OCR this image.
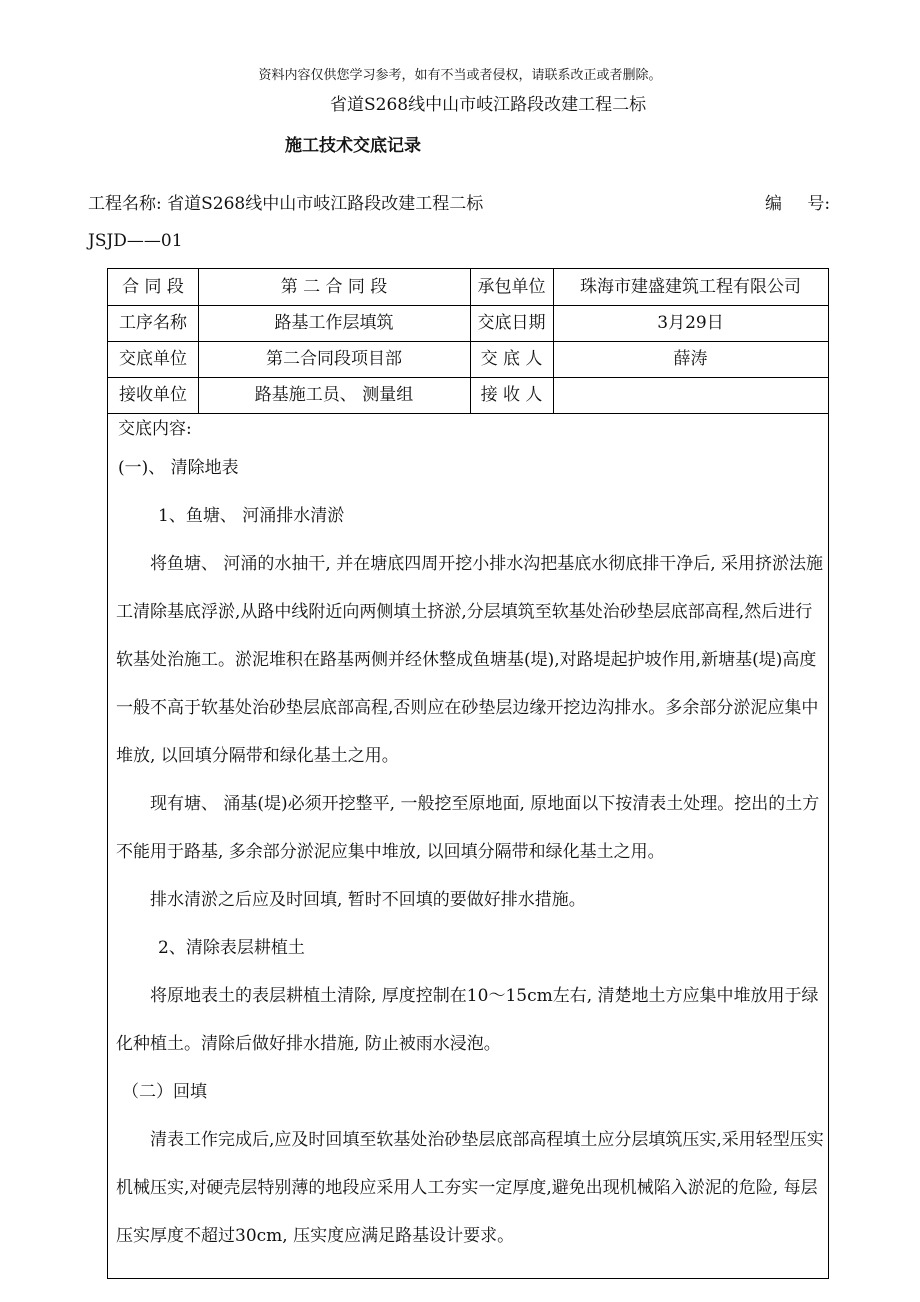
资料内容仅供您学习参考，如有不当或者侵权，请联系改正或者删除。
省道S268线中山市岐江路段改建工程二标
施工技术交底记录
工程名称: 省道S268线中山市岐江路段改建工程二标	编 号:
JSJD——01
合 同 段	第 二 合 同 段	承包单位	珠海市建盛建筑工程有限公司
工序名称	路基工作层填筑	交底日期	3月29日
交底单位	第二合同段项目部	交 底 人	薛涛
接收单位	路基施工员、 测量组	接 收 人

交底内容:

(一)、 清除地表

1、鱼塘、 河涌排水清淤

将鱼塘、 河涌的水抽干, 并在塘底四周开挖小排水沟把基底水彻底排干净后, 采用挤淤法施工清除基底浮淤,从路中线附近向两侧填土挤淤,分层填筑至软基处治砂垫层底部高程,然后进行软基处治施工。淤泥堆积在路基两侧并经休整成鱼塘基(堤),对路堤起护坡作用,新塘基(堤)高度一般不高于软基处治砂垫层底部高程,否则应在砂垫层边缘开挖边沟排水。多余部分淤泥应集中堆放, 以回填分隔带和绿化基土之用。

现有塘、 涌基(堤)必须开挖整平, 一般挖至原地面, 原地面以下按清表土处理。挖出的土方不能用于路基, 多余部分淤泥应集中堆放, 以回填分隔带和绿化基土之用。

排水清淤之后应及时回填, 暂时不回填的要做好排水措施。

2、清除表层耕植土

将原地表土的表层耕植土清除, 厚度控制在10～15cm左右, 清楚地土方应集中堆放用于绿化种植土。清除后做好排水措施, 防止被雨水浸泡。

（二）回填

清表工作完成后,应及时回填至软基处治砂垫层底部高程填土应分层填筑压实,采用轻型压实机械压实,对硬壳层特别薄的地段应采用人工夯实一定厚度,避免出现机械陷入淤泥的危险, 每层压实厚度不超过30cm, 压实度应满足路基设计要求。
